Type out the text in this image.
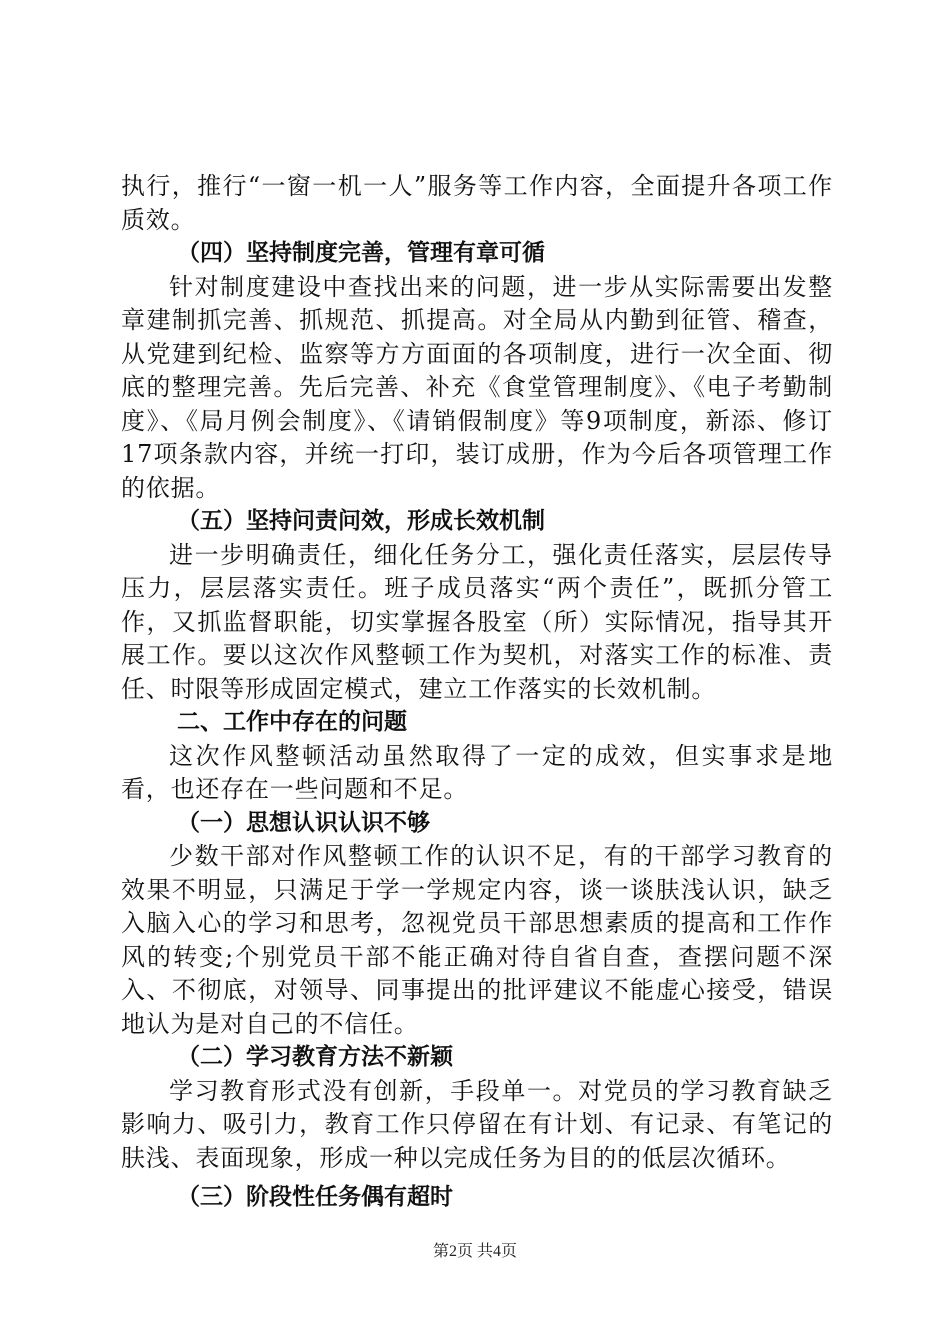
执行，推行“一窗一机一人”服务等工作内容，全面提升各项工作质效。

（四）坚持制度完善，管理有章可循

针对制度建设中查找出来的问题，进一步从实际需要出发整章建制抓完善、抓规范、抓提高。对全局从内勤到征管、稽查，从党建到纪检、监察等方方面面的各项制度，进行一次全面、彻底的整理完善。先后完善、补充《食堂管理制度》、《电子考勤制度》、《局月例会制度》、《请销假制度》等9项制度，新添、修订17项条款内容，并统一打印，装订成册，作为今后各项管理工作的依据。

（五）坚持问责问效，形成长效机制

进一步明确责任，细化任务分工，强化责任落实，层层传导压力，层层落实责任。班子成员落实“两个责任”，既抓分管工作，又抓监督职能，切实掌握各股室（所）实际情况，指导其开展工作。要以这次作风整顿工作为契机，对落实工作的标准、责任、时限等形成固定模式，建立工作落实的长效机制。

二、工作中存在的问题

这次作风整顿活动虽然取得了一定的成效，但实事求是地看，也还存在一些问题和不足。

（一）思想认识认识不够

少数干部对作风整顿工作的认识不足，有的干部学习教育的效果不明显，只满足于学一学规定内容，谈一谈肤浅认识，缺乏入脑入心的学习和思考，忽视党员干部思想素质的提高和工作作风的转变;个别党员干部不能正确对待自省自查，查摆问题不深入、不彻底，对领导、同事提出的批评建议不能虚心接受，错误地认为是对自己的不信任。

（二）学习教育方法不新颖

学习教育形式没有创新，手段单一。对党员的学习教育缺乏影响力、吸引力，教育工作只停留在有计划、有记录、有笔记的肤浅、表面现象，形成一种以完成任务为目的的低层次循环。

（三）阶段性任务偶有超时

第2页 共4页
